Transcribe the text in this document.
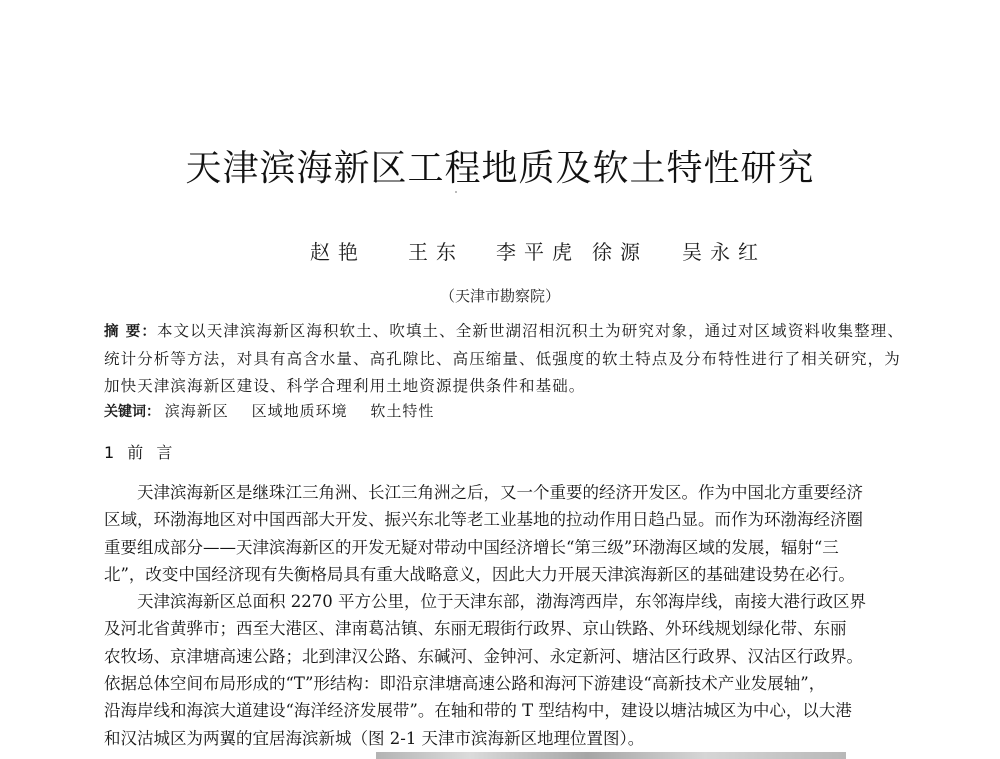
天津滨海新区工程地质及软土特性研究
赵艳 王东 李平虎 徐源 吴永红
（天津市勘察院）
摘 要：本文以天津滨海新区海积软土、吹填土、全新世湖沼相沉积土为研究对象，通过对区域资料收集整理、
统计分析等方法，对具有高含水量、高孔隙比、高压缩量、低强度的软土特点及分布特性进行了相关研究，为
加快天津滨海新区建设、科学合理利用土地资源提供条件和基础。
关键词： 滨海新区 区域地质环境 软土特性
1 前 言
天津滨海新区是继珠江三角洲、长江三角洲之后，又一个重要的经济开发区。作为中国北方重要经济
区域，环渤海地区对中国西部大开发、振兴东北等老工业基地的拉动作用日趋凸显。而作为环渤海经济圈
重要组成部分——天津滨海新区的开发无疑对带动中国经济增长“第三级”环渤海区域的发展，辐射“三
北”，改变中国经济现有失衡格局具有重大战略意义，因此大力开展天津滨海新区的基础建设势在必行。
天津滨海新区总面积 2270 平方公里，位于天津东部，渤海湾西岸，东邻海岸线，南接大港行政区界
及河北省黄骅市；西至大港区、津南葛沽镇、东丽无瑕街行政界、京山铁路、外环线规划绿化带、东丽
农牧场、京津塘高速公路；北到津汉公路、东碱河、金钟河、永定新河、塘沽区行政界、汉沽区行政界。
依据总体空间布局形成的“T”形结构：即沿京津塘高速公路和海河下游建设“高新技术产业发展轴”，
沿海岸线和海滨大道建设“海洋经济发展带”。在轴和带的 T 型结构中，建设以塘沽城区为中心，以大港
和汉沽城区为两翼的宜居海滨新城（图 2-1 天津市滨海新区地理位置图）。
